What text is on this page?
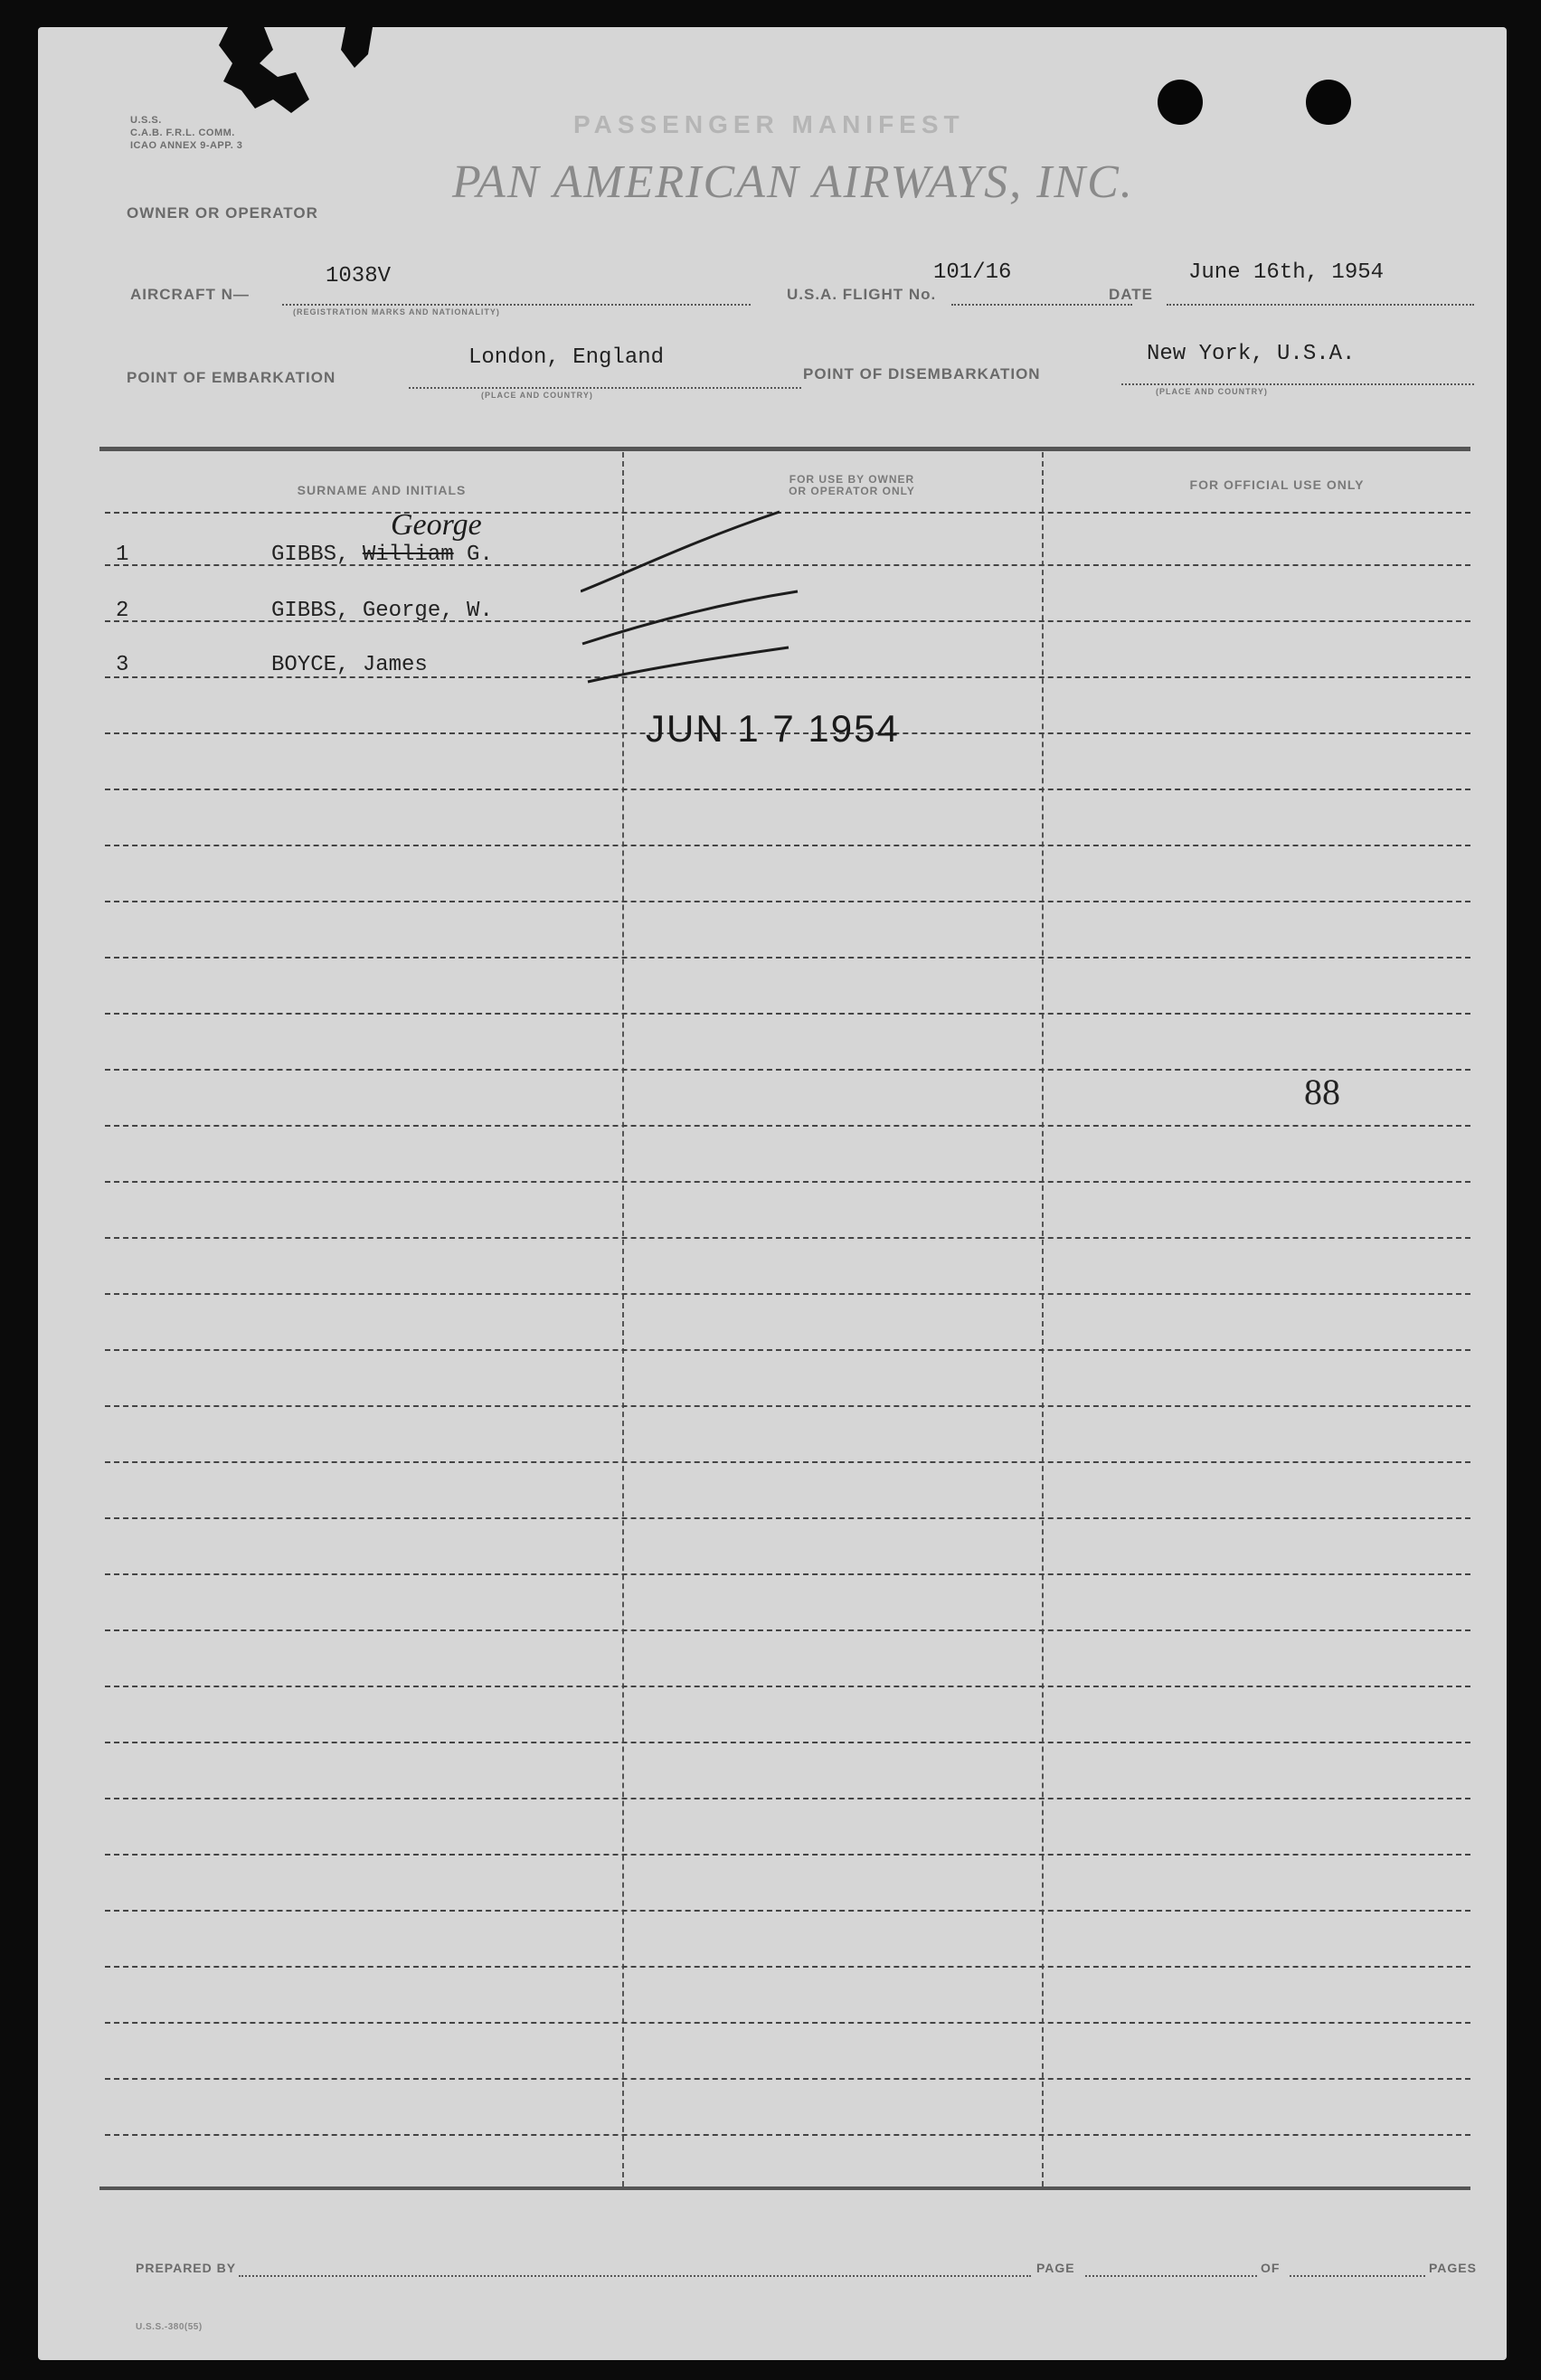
U.S.S.
C.A.B. F.R.L. COMM.
ICAO ANNEX 9-APP. 3
PASSENGER MANIFEST
PAN AMERICAN AIRWAYS, INC.
OWNER OR OPERATOR
AIRCRAFT N—
1038V
(REGISTRATION MARKS AND NATIONALITY)
U.S.A. FLIGHT No.
101/16
DATE
June 16th, 1954
POINT OF EMBARKATION
London, England
(PLACE AND COUNTRY)
POINT OF DISEMBARKATION
New York, U.S.A.
(PLACE AND COUNTRY)
SURNAME AND INITIALS
FOR USE BY OWNER
OR OPERATOR ONLY	FOR OFFICIAL USE ONLY
1	GIBBS, William G.
George
2	GIBBS, George, W.
3	BOYCE, James
JUN 1 7 1954
88
PREPARED BY	PAGE	OF	PAGES
U.S.S.-380(55)
